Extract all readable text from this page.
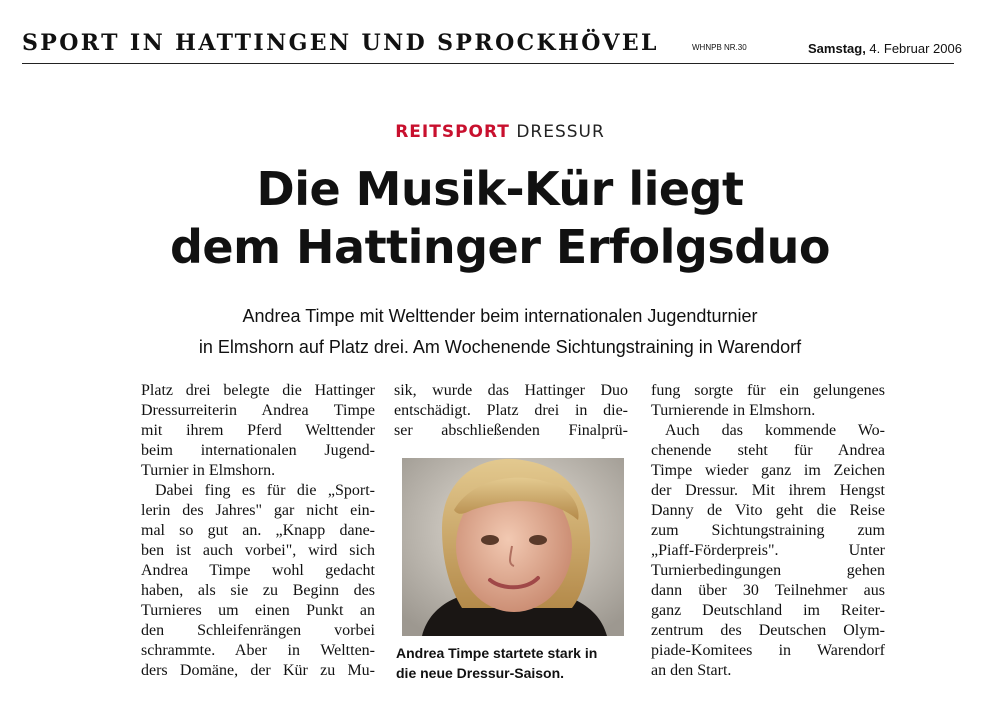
SPORT IN HATTINGEN UND SPROCKHÖVEL	WHNPB NR.30	Samstag, 4. Februar 2006
REITSPORT DRESSUR
Die Musik-Kür liegt
dem Hattinger Erfolgsduo
Andrea Timpe mit Welttender beim internationalen Jugendturnier
in Elmshorn auf Platz drei. Am Wochenende Sichtungstraining in Warendorf
Platz drei belegte die Hattinger
Dressurreiterin Andrea Timpe
mit ihrem Pferd Welttender
beim internationalen Jugend-
Turnier in Elmshorn.
Dabei fing es für die „Sport-
lerin des Jahres" gar nicht ein-
mal so gut an. „Knapp dane-
ben ist auch vorbei", wird sich
Andrea Timpe wohl gedacht
haben, als sie zu Beginn des
Turnieres um einen Punkt an
den Schleifenrängen vorbei
schrammte. Aber in Weltten-
ders Domäne, der Kür zu Mu-
sik, wurde das Hattinger Duo
entschädigt. Platz drei in die-
ser abschließenden Finalprü-
Andrea Timpe startete stark in
die neue Dressur-Saison.
fung sorgte für ein gelungenes
Turnierende in Elmshorn.
Auch das kommende Wo-
chenende steht für Andrea
Timpe wieder ganz im Zeichen
der Dressur. Mit ihrem Hengst
Danny de Vito geht die Reise
zum Sichtungstraining zum
„Piaff-Förderpreis". Unter
Turnierbedingungen gehen
dann über 30 Teilnehmer aus
ganz Deutschland im Reiter-
zentrum des Deutschen Olym-
piade-Komitees in Warendorf
an den Start.
